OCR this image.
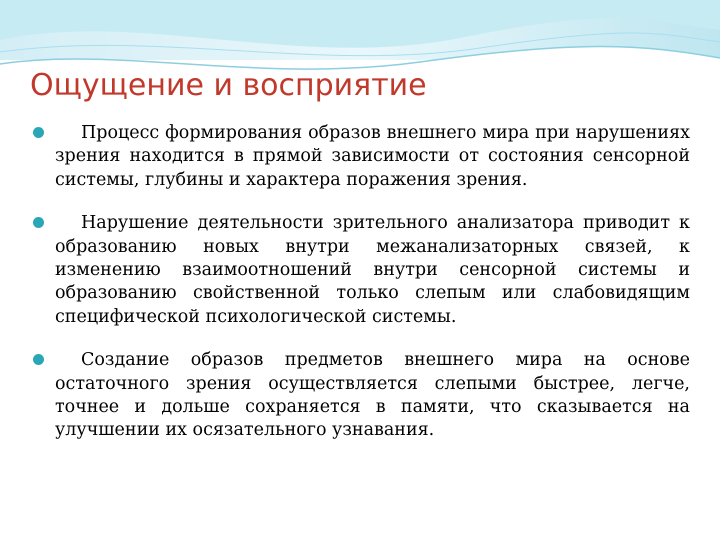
Ощущение и восприятие
Процесс формирования образов внешнего мира при нарушениях зрения находится в прямой зависимости от состояния сенсорной системы, глубины и характера поражения зрения.
Нарушение деятельности зрительного анализатора приводит к образованию новых внутри межанализаторных связей, к изменению взаимоотношений внутри сенсорной системы и образованию свойственной только слепым или слабовидящим специфической психологической системы.
Создание образов предметов внешнего мира на основе остаточного зрения осуществляется слепыми быстрее, легче, точнее и дольше сохраняется в памяти, что сказывается на улучшении их осязательного узнавания.
